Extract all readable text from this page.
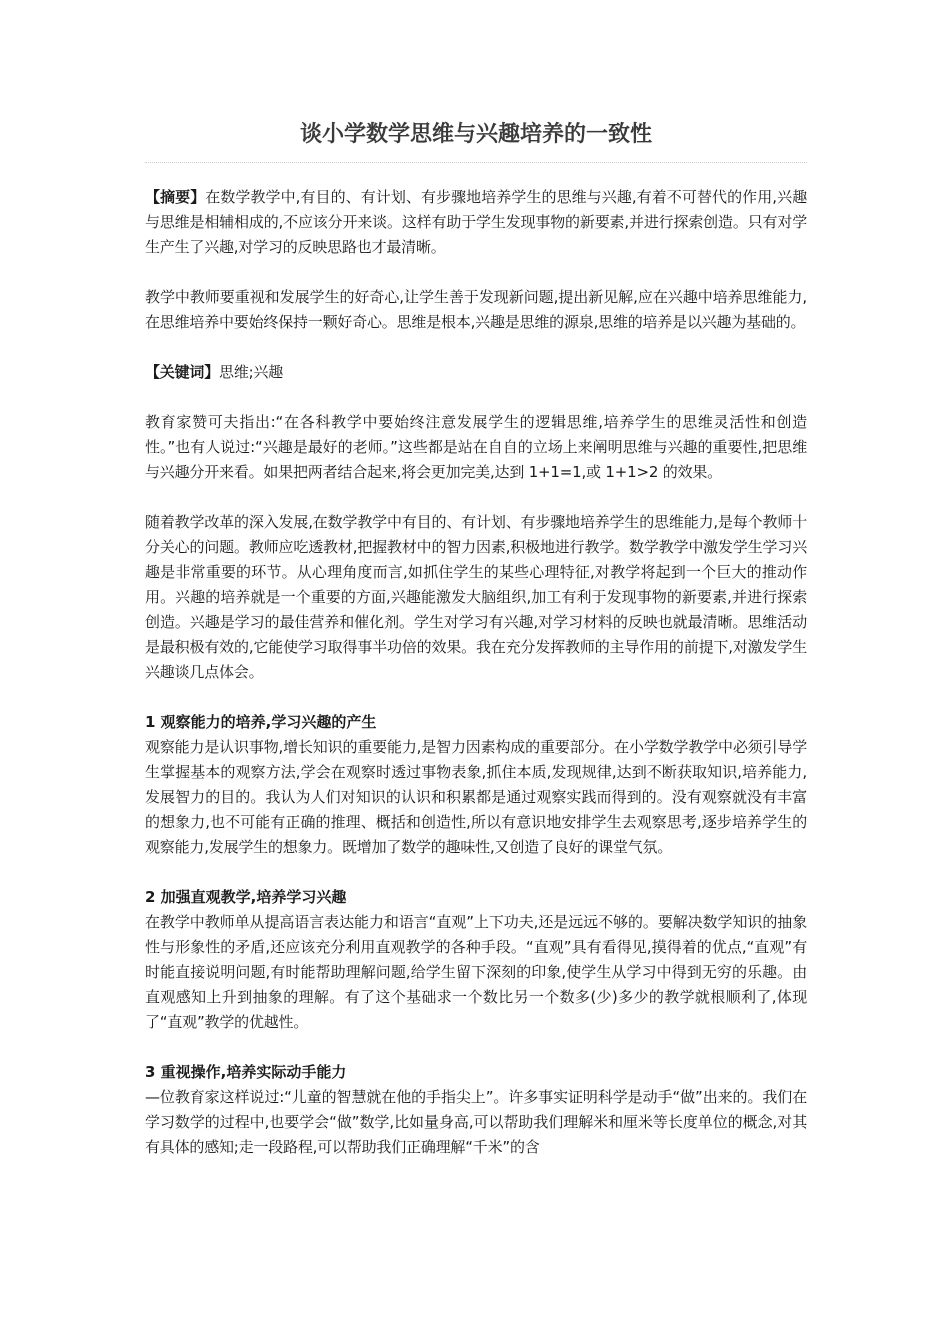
谈小学数学思维与兴趣培养的一致性

【摘要】在数学教学中,有目的、有计划、有步骤地培养学生的思维与兴趣,有着不可替代的作用,兴趣与思维是相辅相成的,不应该分开来谈。这样有助于学生发现事物的新要素,并进行探索创造。只有对学生产生了兴趣,对学习的反映思路也才最清晰。

教学中教师要重视和发展学生的好奇心,让学生善于发现新问题,提出新见解,应在兴趣中培养思维能力,在思维培养中要始终保持一颗好奇心。思维是根本,兴趣是思维的源泉,思维的培养是以兴趣为基础的。

【关键词】思维;兴趣

教育家赞可夫指出:“在各科教学中要始终注意发展学生的逻辑思维,培养学生的思维灵活性和创造性。”也有人说过:“兴趣是最好的老师。”这些都是站在自自的立场上来阐明思维与兴趣的重要性,把思维与兴趣分开来看。如果把两者结合起来,将会更加完美,达到 1+1=1,或 1+1>2 的效果。

随着教学改革的深入发展,在数学教学中有目的、有计划、有步骤地培养学生的思维能力,是每个教师十分关心的问题。教师应吃透教材,把握教材中的智力因素,积极地进行教学。数学教学中激发学生学习兴趣是非常重要的环节。从心理角度而言,如抓住学生的某些心理特征,对教学将起到一个巨大的推动作用。兴趣的培养就是一个重要的方面,兴趣能激发大脑组织,加工有利于发现事物的新要素,并进行探索创造。兴趣是学习的最佳营养和催化剂。学生对学习有兴趣,对学习材料的反映也就最清晰。思维活动是最积极有效的,它能使学习取得事半功倍的效果。我在充分发挥教师的主导作用的前提下,对激发学生兴趣谈几点体会。

1 观察能力的培养,学习兴趣的产生

观察能力是认识事物,增长知识的重要能力,是智力因素构成的重要部分。在小学数学教学中必须引导学生掌握基本的观察方法,学会在观察时透过事物表象,抓住本质,发现规律,达到不断获取知识,培养能力,发展智力的目的。我认为人们对知识的认识和积累都是通过观察实践而得到的。没有观察就没有丰富的想象力,也不可能有正确的推理、概括和创造性,所以有意识地安排学生去观察思考,逐步培养学生的观察能力,发展学生的想象力。既增加了数学的趣味性,又创造了良好的课堂气氛。

2 加强直观教学,培养学习兴趣

在教学中教师单从提高语言表达能力和语言“直观”上下功夫,还是远远不够的。要解决数学知识的抽象性与形象性的矛盾,还应该充分利用直观教学的各种手段。“直观”具有看得见,摸得着的优点,“直观”有时能直接说明问题,有时能帮助理解问题,给学生留下深刻的印象,使学生从学习中得到无穷的乐趣。由直观感知上升到抽象的理解。有了这个基础求一个数比另一个数多(少)多少的教学就根顺利了,体现了“直观”教学的优越性。

3 重视操作,培养实际动手能力

—位教育家这样说过:“儿童的智慧就在他的手指尖上”。许多事实证明科学是动手“做”出来的。我们在学习数学的过程中,也要学会“做”数学,比如量身高,可以帮助我们理解米和厘米等长度单位的概念,对其有具体的感知;走一段路程,可以帮助我们正确理解“千米”的含
